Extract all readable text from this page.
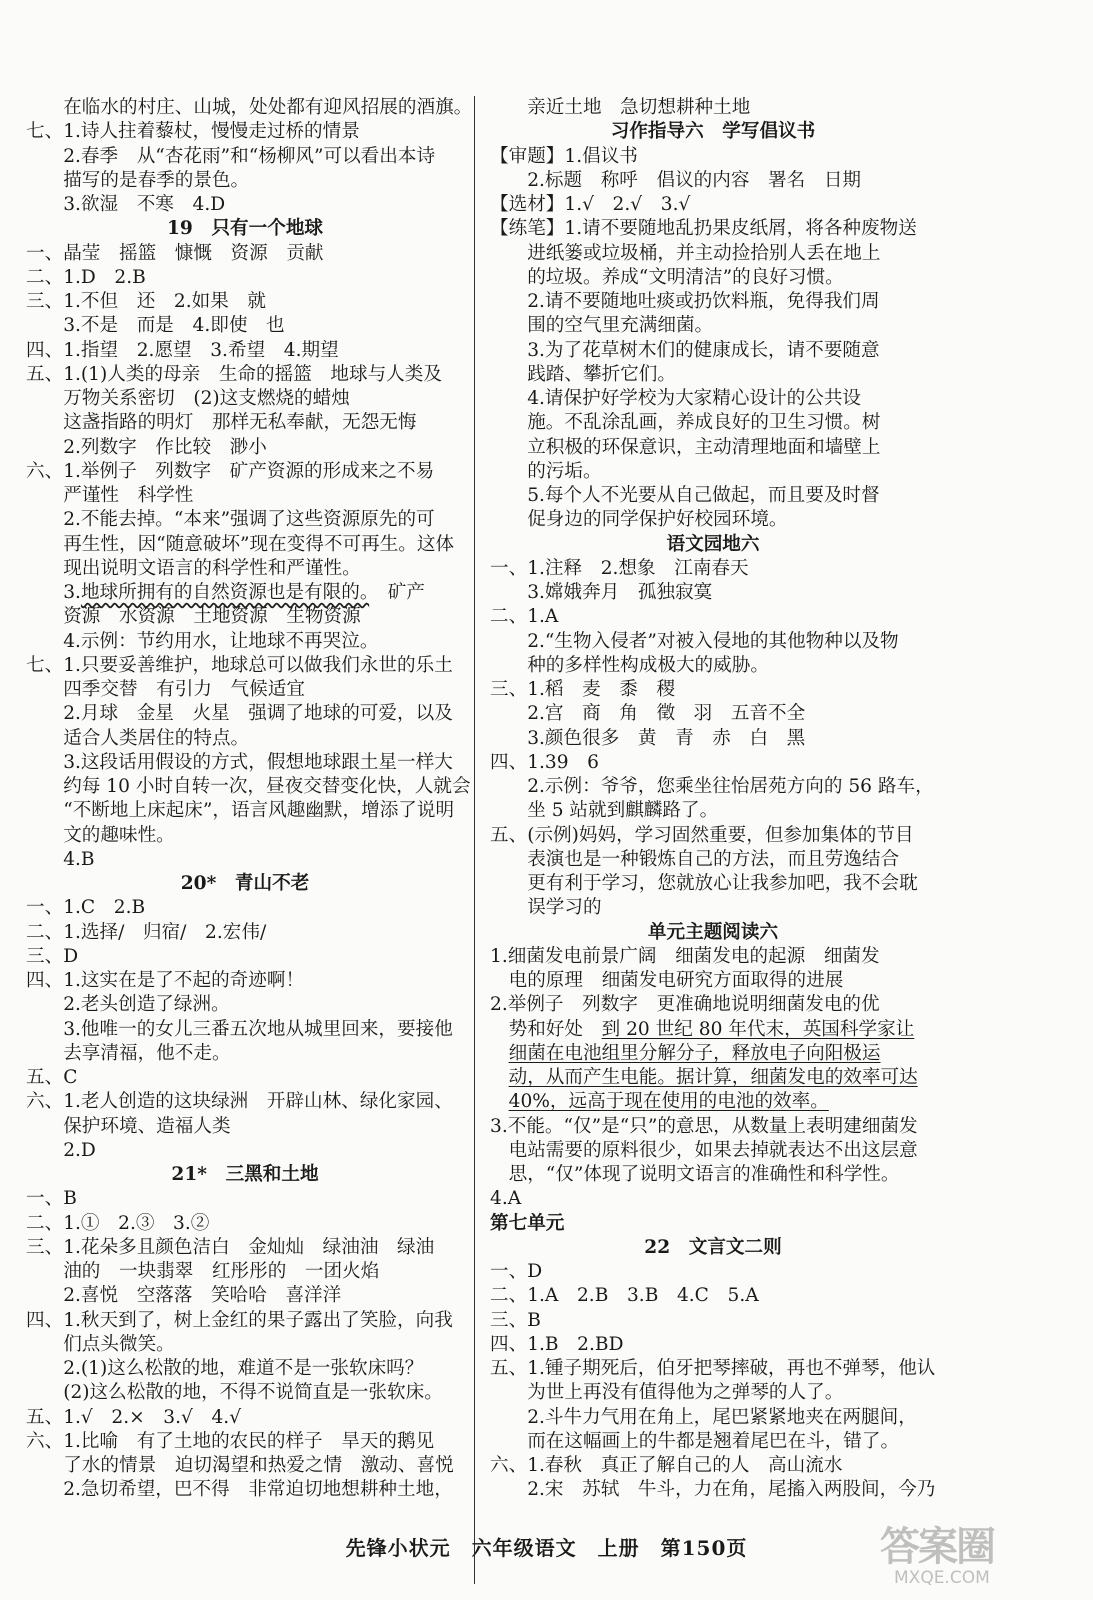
　　在临水的村庄、山城，处处都有迎风招展的酒旗。
七、1.诗人拄着藜杖，慢慢走过桥的情景
　　2.春季　从“杏花雨”和“杨柳风”可以看出本诗
　　描写的是春季的景色。
　　3.欲湿　不寒　4.D
19　只有一个地球
一、晶莹　摇篮　慷慨　资源　贡献
二、1.D　2.B
三、1.不但　还　2.如果　就
　　3.不是　而是　4.即使　也
四、1.指望　2.愿望　3.希望　4.期望
五、1.(1)人类的母亲　生命的摇篮　地球与人类及
　　万物关系密切　(2)这支燃烧的蜡烛
　　这盏指路的明灯　那样无私奉献，无怨无悔
　　2.列数字　作比较　渺小
六、1.举例子　列数字　矿产资源的形成来之不易
　　严谨性　科学性
　　2.不能去掉。“本来”强调了这些资源原先的可
　　再生性，因“随意破坏”现在变得不可再生。这体
　　现出说明文语言的科学性和严谨性。
　　3.地球所拥有的自然资源也是有限的。　矿产
　　资源　水资源　土地资源　生物资源
　　4.示例：节约用水，让地球不再哭泣。
七、1.只要妥善维护，地球总可以做我们永世的乐土
　　四季交替　有引力　气候适宜
　　2.月球　金星　火星　强调了地球的可爱，以及
　　适合人类居住的特点。
　　3.这段话用假设的方式，假想地球跟土星一样大
　　约每 10 小时自转一次，昼夜交替变化快，人就会
　　“不断地上床起床”，语言风趣幽默，增添了说明
　　文的趣味性。
　　4.B
20*　青山不老
一、1.C　2.B
二、1.选择/　归宿/　2.宏伟/
三、D
四、1.这实在是了不起的奇迹啊！
　　2.老头创造了绿洲。
　　3.他唯一的女儿三番五次地从城里回来，要接他
　　去享清福，他不走。
五、C
六、1.老人创造的这块绿洲　开辟山林、绿化家园、
　　保护环境、造福人类
　　2.D
21*　三黑和土地
一、B
二、1.①　2.③　3.②
三、1.花朵多且颜色洁白　金灿灿　绿油油　绿油
　　油的　一块翡翠　红彤彤的　一团火焰
　　2.喜悦　空落落　笑哈哈　喜洋洋
四、1.秋天到了，树上金红的果子露出了笑脸，向我
　　们点头微笑。
　　2.(1)这么松散的地，难道不是一张软床吗？
　　(2)这么松散的地，不得不说简直是一张软床。
五、1.√　2.×　3.√　4.√
六、1.比喻　有了土地的农民的样子　旱天的鹅见
　　了水的情景　迫切渴望和热爱之情　激动、喜悦
　　2.急切希望，巴不得　非常迫切地想耕种土地，
　　亲近土地　急切想耕种土地
习作指导六　学写倡议书
【审题】1.倡议书
　　2.标题　称呼　倡议的内容　署名　日期
【选材】1.√　2.√　3.√
【练笔】1.请不要随地乱扔果皮纸屑，将各种废物送
　　进纸篓或垃圾桶，并主动捡拾别人丢在地上
　　的垃圾。养成“文明清洁”的良好习惯。
　　2.请不要随地吐痰或扔饮料瓶，免得我们周
　　围的空气里充满细菌。
　　3.为了花草树木们的健康成长，请不要随意
　　践踏、攀折它们。
　　4.请保护好学校为大家精心设计的公共设
　　施。不乱涂乱画，养成良好的卫生习惯。树
　　立积极的环保意识，主动清理地面和墙壁上
　　的污垢。
　　5.每个人不光要从自己做起，而且要及时督
　　促身边的同学保护好校园环境。
语文园地六
一、1.注释　2.想象　江南春天
　　3.嫦娥奔月　孤独寂寞
二、1.A
　　2.“生物入侵者”对被入侵地的其他物种以及物
　　种的多样性构成极大的威胁。
三、1.稻　麦　黍　稷
　　2.宫　商　角　徵　羽　五音不全
　　3.颜色很多　黄　青　赤　白　黑
四、1.39　6
　　2.示例：爷爷，您乘坐往怡居苑方向的 56 路车，
　　坐 5 站就到麒麟路了。
五、(示例)妈妈，学习固然重要，但参加集体的节目
　　表演也是一种锻炼自己的方法，而且劳逸结合
　　更有利于学习，您就放心让我参加吧，我不会耽
　　误学习的
单元主题阅读六
1.细菌发电前景广阔　细菌发电的起源　细菌发
　电的原理　细菌发电研究方面取得的进展
2.举例子　列数字　更准确地说明细菌发电的优
　势和好处　到 20 世纪 80 年代末，英国科学家让
　细菌在电池组里分解分子，释放电子向阳极运
　动，从而产生电能。据计算，细菌发电的效率可达
　40%，远高于现在使用的电池的效率。
3.不能。“仅”是“只”的意思，从数量上表明建细菌发
　电站需要的原料很少，如果去掉就表达不出这层意
　思，“仅”体现了说明文语言的准确性和科学性。
4.A
第七单元
22　文言文二则
一、D
二、1.A　2.B　3.B　4.C　5.A
三、B
四、1.B　2.BD
五、1.锺子期死后，伯牙把琴摔破，再也不弹琴，他认
　　为世上再没有值得他为之弹琴的人了。
　　2.斗牛力气用在角上，尾巴紧紧地夹在两腿间，
　　而在这幅画上的牛都是翘着尾巴在斗，错了。
六、1.春秋　真正了解自己的人　高山流水
　　2.宋　苏轼　牛斗，力在角，尾搐入两股间，今乃
先锋小状元　六年级语文　上册　第150页	答案圈
MXQE.COM
